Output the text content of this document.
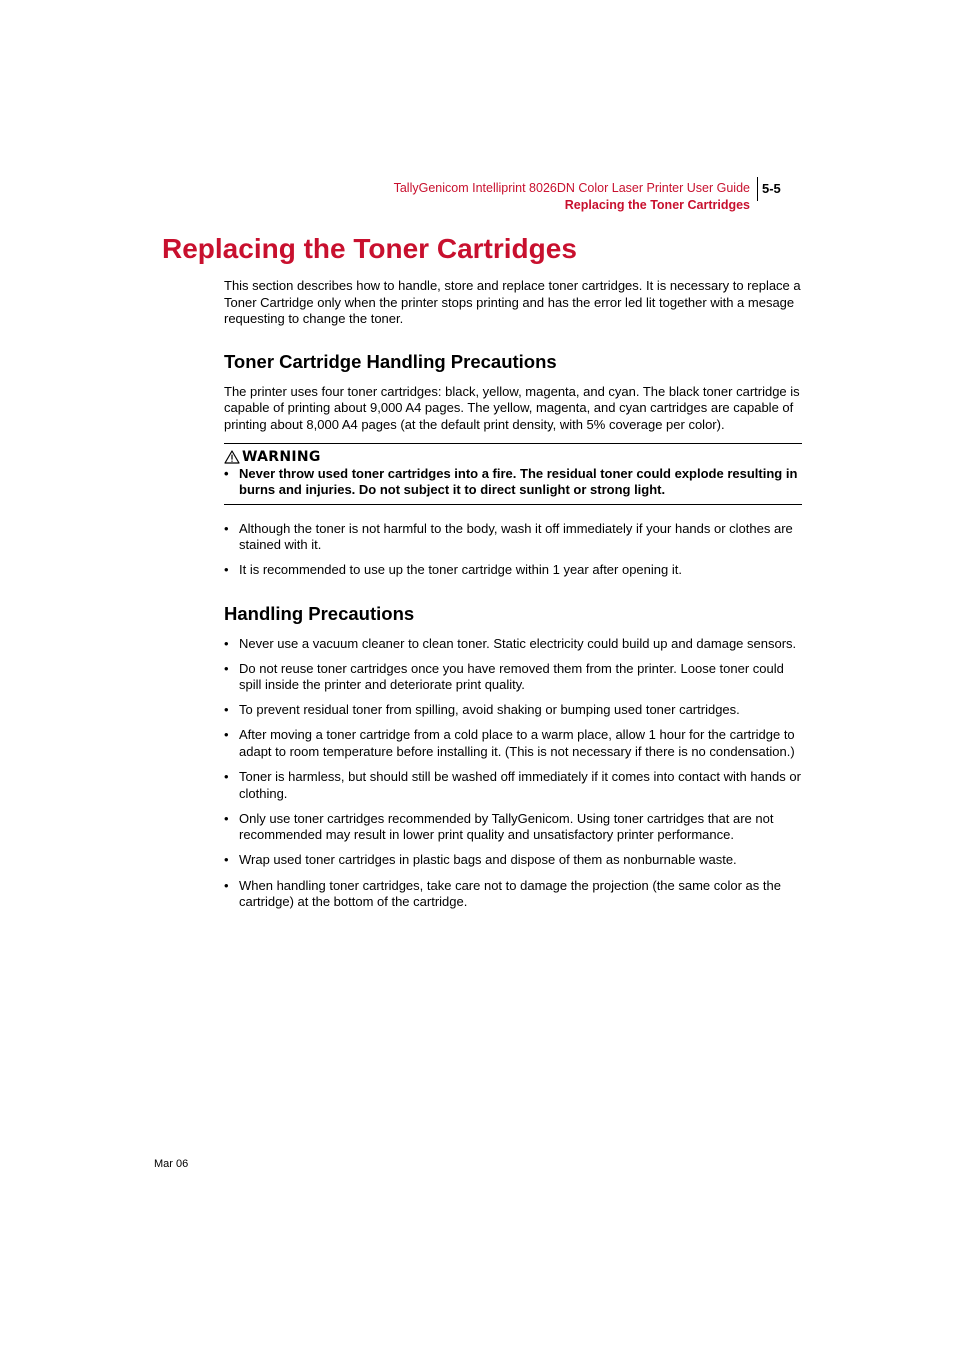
TallyGenicom Intelliprint 8026DN Color Laser Printer User Guide
Replacing the Toner Cartridges
5-5
Replacing the Toner Cartridges

This section describes how to handle, store and replace toner cartridges. It is necessary to replace a Toner Cartridge only when the printer stops printing and has the error led lit together with a mesage requesting to change the toner.

Toner Cartridge Handling Precautions

The printer uses four toner cartridges: black, yellow, magenta, and cyan. The black toner cartridge is capable of printing about 9,000 A4 pages. The yellow, magenta, and cyan cartridges are capable of printing about 8,000 A4 pages (at the default print density, with 5% coverage per color).

WARNING
• Never throw used toner cartridges into a fire. The residual toner could explode resulting in burns and injuries. Do not subject it to direct sunlight or strong light.
• Although the toner is not harmful to the body, wash it off immediately if your hands or clothes are stained with it.
• It is recommended to use up the toner cartridge within 1 year after opening it.
Handling Precautions
• Never use a vacuum cleaner to clean toner. Static electricity could build up and damage sensors.
• Do not reuse toner cartridges once you have removed them from the printer. Loose toner could spill inside the printer and deteriorate print quality.
• To prevent residual toner from spilling, avoid shaking or bumping used toner cartridges.
• After moving a toner cartridge from a cold place to a warm place, allow 1 hour for the cartridge to adapt to room temperature before installing it. (This is not necessary if there is no condensation.)
• Toner is harmless, but should still be washed off immediately if it comes into contact with hands or clothing.
• Only use toner cartridges recommended by TallyGenicom. Using toner cartridges that are not recommended may result in lower print quality and unsatisfactory printer performance.
• Wrap used toner cartridges in plastic bags and dispose of them as nonburnable waste.
• When handling toner cartridges, take care not to damage the projection (the same color as the cartridge) at the bottom of the cartridge.
Mar 06
